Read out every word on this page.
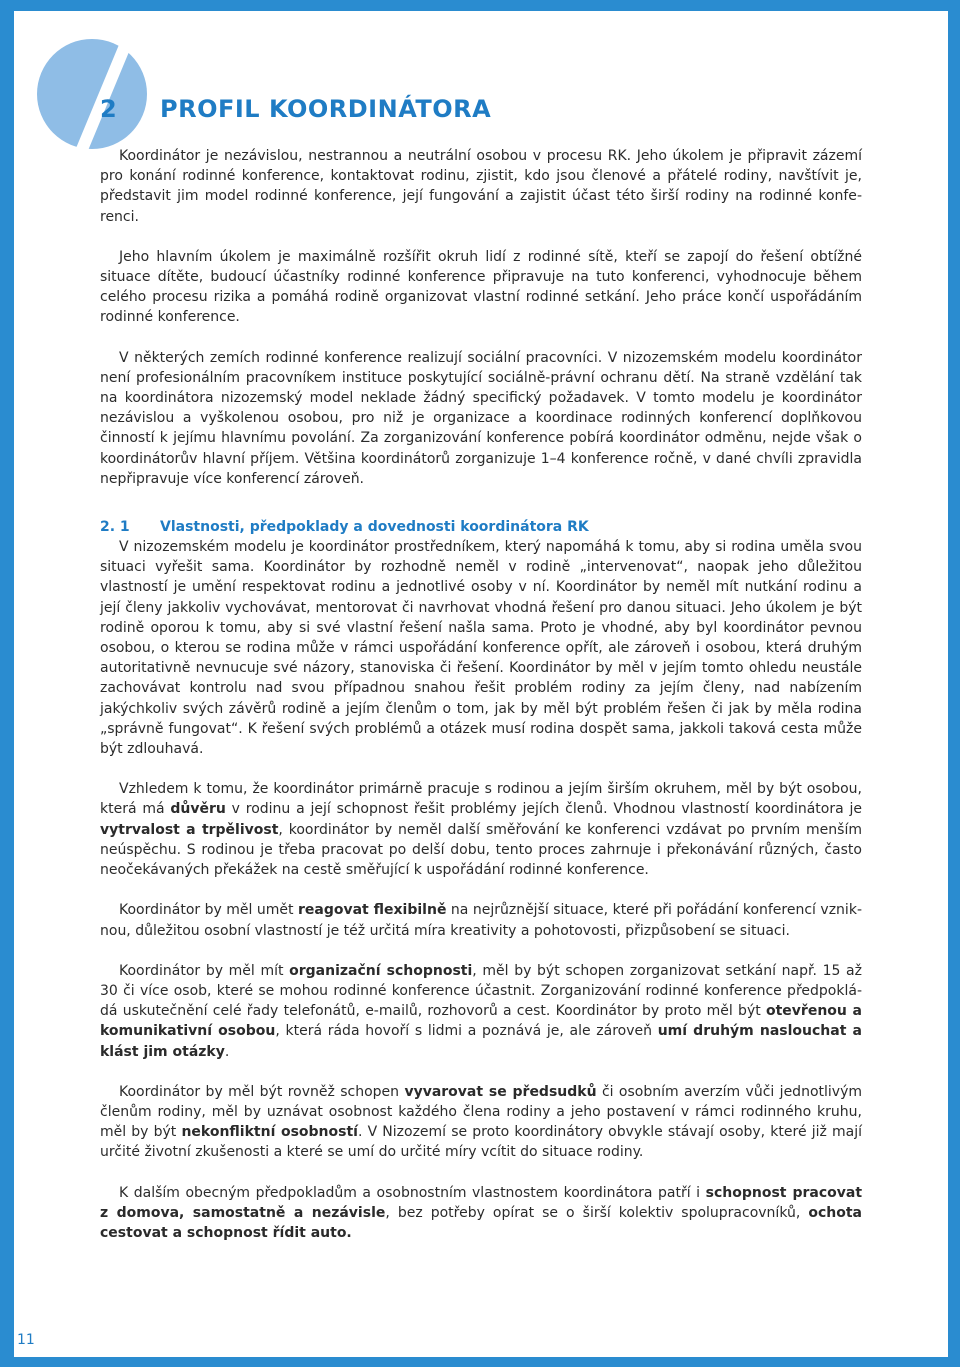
2 PROFIL KOORDINÁTORA

Koordinátor je nezávislou, nestrannou a neutrální osobou v procesu RK. Jeho úkolem je připravit zázemí pro konání rodinné konference, kontaktovat rodinu, zjistit, kdo jsou členové a přátelé rodiny, navštívit je, představit jim model rodinné konference, její fungování a zajistit účast této širší rodiny na rodinné konferenci.

Jeho hlavním úkolem je maximálně rozšířit okruh lidí z rodinné sítě, kteří se zapojí do řešení obtížné situace dítěte, budoucí účastníky rodinné konference připravuje na tuto konferenci, vyhodnocuje během celého procesu rizika a pomáhá rodině organizovat vlastní rodinné setkání. Jeho práce končí uspořádáním rodinné konference.

V některých zemích rodinné konference realizují sociální pracovníci. V nizozemském modelu koordinátor není profesionálním pracovníkem instituce poskytující sociálně-právní ochranu dětí. Na straně vzdělání tak na koordinátora nizozemský model neklade žádný specifický požadavek. V tomto modelu je koordinátor nezávislou a vyškolenou osobou, pro niž je organizace a koordinace rodinných konferencí doplňkovou činností k jejímu hlavnímu povolání. Za zorganizování konference pobírá koordinátor odměnu, nejde však o koordinátorův hlavní příjem. Většina koordinátorů zorganizuje 1–4 konference ročně, v dané chvíli zpravidla nepřipravuje více konferencí zároveň.

2. 1 Vlastnosti, předpoklady a dovednosti koordinátora RK

V nizozemském modelu je koordinátor prostředníkem, který napomáhá k tomu, aby si rodina uměla svou situaci vyřešit sama. Koordinátor by rozhodně neměl v rodině „intervenovat“, naopak jeho důležitou vlastností je umění respektovat rodinu a jednotlivé osoby v ní. Koordinátor by neměl mít nutkání rodinu a její členy jakkoliv vychovávat, mentorovat či navrhovat vhodná řešení pro danou situaci. Jeho úkolem je být rodině oporou k tomu, aby si své vlastní řešení našla sama. Proto je vhodné, aby byl koordinátor pevnou osobou, o kterou se rodina může v rámci uspořádání konference opřít, ale zároveň i osobou, která druhým autoritativně nevnucuje své názory, stanoviska či řešení. Koordinátor by měl v jejím tomto ohledu neustále zachovávat kontrolu nad svou případnou snahou řešit problém rodiny za jejím členy, nad nabízením jakýchkoliv svých závěrů rodině a jejím členům o tom, jak by měl být problém řešen či jak by měla rodina „správně fungovat“. K řešení svých problémů a otázek musí rodina dospět sama, jakkoli taková cesta může být zdlouhavá.

Vzhledem k tomu, že koordinátor primárně pracuje s rodinou a jejím širším okruhem, měl by být osobou, která má důvěru v rodinu a její schopnost řešit problémy jejích členů. Vhodnou vlastností koordinátora je vytrvalost a trpělivost, koordinátor by neměl další směřování ke konferenci vzdávat po prvním menším neúspěchu. S rodinou je třeba pracovat po delší dobu, tento proces zahrnuje i překonávání různých, často neočekávaných překážek na cestě směřující k uspořádání rodinné konference.

Koordinátor by měl umět reagovat flexibilně na nejrůznější situace, které při pořádání konferencí vzniknou, důležitou osobní vlastností je též určitá míra kreativity a pohotovosti, přizpůsobení se situaci.

Koordinátor by měl mít organizační schopnosti, měl by být schopen zorganizovat setkání např. 15 až 30 či více osob, které se mohou rodinné konference účastnit. Zorganizování rodinné konference předpokládá uskutečnění celé řady telefonátů, e-mailů, rozhovorů a cest. Koordinátor by proto měl být otevřenou a komunikativní osobou, která ráda hovoří s lidmi a poznává je, ale zároveň umí druhým naslouchat a klást jim otázky.

Koordinátor by měl být rovněž schopen vyvarovat se předsudků či osobním averzím vůči jednotlivým členům rodiny, měl by uznávat osobnost každého člena rodiny a jeho postavení v rámci rodinného kruhu, měl by být nekonfliktní osobností. V Nizozemí se proto koordinátory obvykle stávají osoby, které již mají určité životní zkušenosti a které se umí do určité míry vcítit do situace rodiny.

K dalším obecným předpokladům a osobnostním vlastnostem koordinátora patří i schopnost pracovat z domova, samostatně a nezávisle, bez potřeby opírat se o širší kolektiv spolupracovníků, ochota cestovat a schopnost řídit auto.

11
